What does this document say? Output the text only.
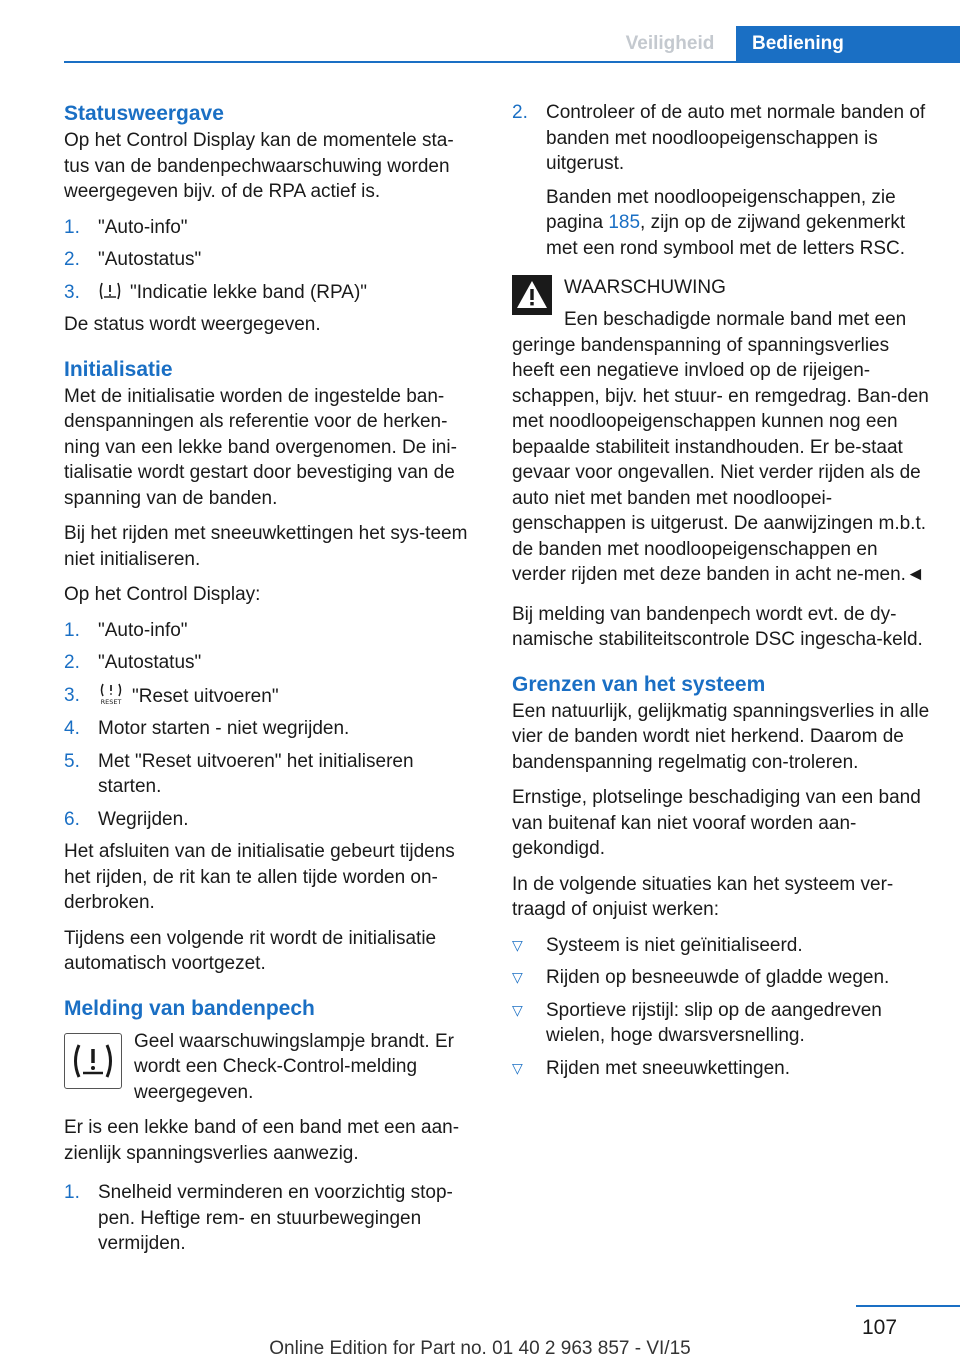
Veiligheid	Bediening
Statusweergave

Op het Control Display kan de momentele sta-tus van de bandenpechwaarschuwing worden weergegeven bijv. of de RPA actief is.

1. "Auto-info"
2. "Autostatus"
3.	"Indicatie lekke band (RPA)"

De status wordt weergegeven.

Initialisatie

Met de initialisatie worden de ingestelde ban-denspanningen als referentie voor de herken-ning van een lekke band overgenomen. De ini-tialisatie wordt gestart door bevestiging van de spanning van de banden.

Bij het rijden met sneeuwkettingen het sys-teem niet initialiseren.

Op het Control Display:

1. "Auto-info"
2. "Autostatus"
3.	RESET "Reset uitvoeren"
4. Motor starten - niet wegrijden.
5. Met "Reset uitvoeren" het initialiseren starten.
6. Wegrijden.

Het afsluiten van de initialisatie gebeurt tijdens het rijden, de rit kan te allen tijde worden on-derbroken.

Tijdens een volgende rit wordt de initialisatie automatisch voortgezet.

Melding van bandenpech

Geel waarschuwingslampje brandt. Er wordt een Check-Control-melding weergegeven.

Er is een lekke band of een band met een aan-zienlijk spanningsverlies aanwezig.

1. Snelheid verminderen en voorzichtig stop-pen. Heftige rem- en stuurbewegingen vermijden.
2. Controleer of de auto met normale banden of banden met noodloopeigenschappen is uitgerust.
Banden met noodloopeigenschappen, zie pagina 185, zijn op de zijwand gekenmerkt met een rond symbool met de letters RSC.
WAARSCHUWING

Een beschadigde normale band met een geringe bandenspanning of spanningsverlies heeft een negatieve invloed op de rijeigen-schappen, bijv. het stuur- en remgedrag. Ban-den met noodloopeigenschappen kunnen nog een bepaalde stabiliteit instandhouden. Er be-staat gevaar voor ongevallen. Niet verder rijden als de auto niet met banden met noodloopei-genschappen is uitgerust. De aanwijzingen m.b.t. de banden met noodloopeigenschappen en verder rijden met deze banden in acht ne-men.◄

Bij melding van bandenpech wordt evt. de dy-namische stabiliteitscontrole DSC ingescha-keld.

Grenzen van het systeem

Een natuurlijk, gelijkmatig spanningsverlies in alle vier de banden wordt niet herkend. Daarom de bandenspanning regelmatig con-troleren.

Ernstige, plotselinge beschadiging van een band van buitenaf kan niet vooraf worden aan-gekondigd.

In de volgende situaties kan het systeem ver-traagd of onjuist werken:

▽	Systeem is niet geïnitialiseerd.
▽	Rijden op besneeuwde of gladde wegen.
▽	Sportieve rijstijl: slip op de aangedreven wielen, hoge dwarsversnelling.
▽	Rijden met sneeuwkettingen.
107
Online Edition for Part no. 01 40 2 963 857 - VI/15
